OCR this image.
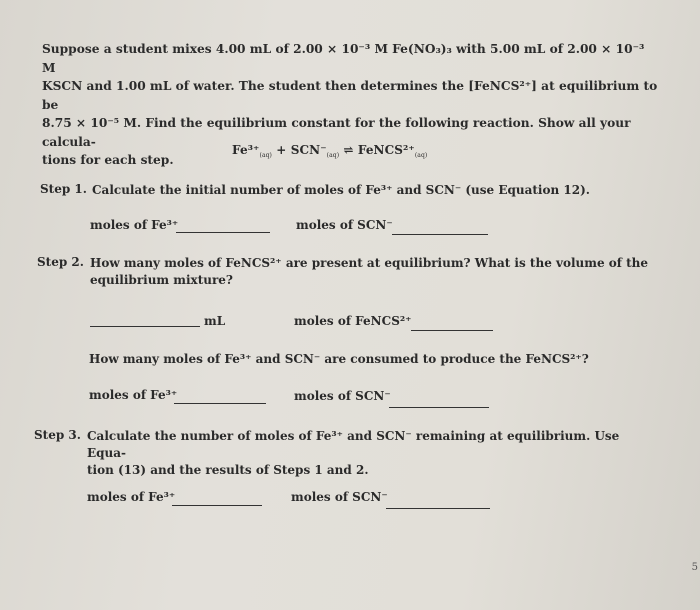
Suppose a student mixes 4.00 mL of 2.00 × 10⁻³ M Fe(NO₃)₃ with 5.00 mL of 2.00 × 10⁻³ M
KSCN and 1.00 mL of water. The student then determines the [FeNCS²⁺] at equilibrium to be
8.75 × 10⁻⁵ M. Find the equilibrium constant for the following reaction. Show all your calcula-
tions for each step.
$Fe^{3+}_{(aq)} + SCN^-_{(aq)}$ ⇌ $FeNCS^{2+}_{(aq)}$
Step 1. Calculate the initial number of moles of Fe³⁺ and SCN⁻ (use Equation 12).
moles of Fe³⁺	moles of SCN⁻
Step 2. How many moles of FeNCS²⁺ are present at equilibrium? What is the volume of the
equilibrium mixture?
mL	moles of FeNCS²⁺
How many moles of Fe³⁺ and SCN⁻ are consumed to produce the FeNCS²⁺?
moles of Fe³⁺	moles of SCN⁻
Step 3. Calculate the number of moles of Fe³⁺ and SCN⁻ remaining at equilibrium. Use Equa-
tion (13) and the results of Steps 1 and 2.
moles of Fe³⁺	moles of SCN⁻
5
